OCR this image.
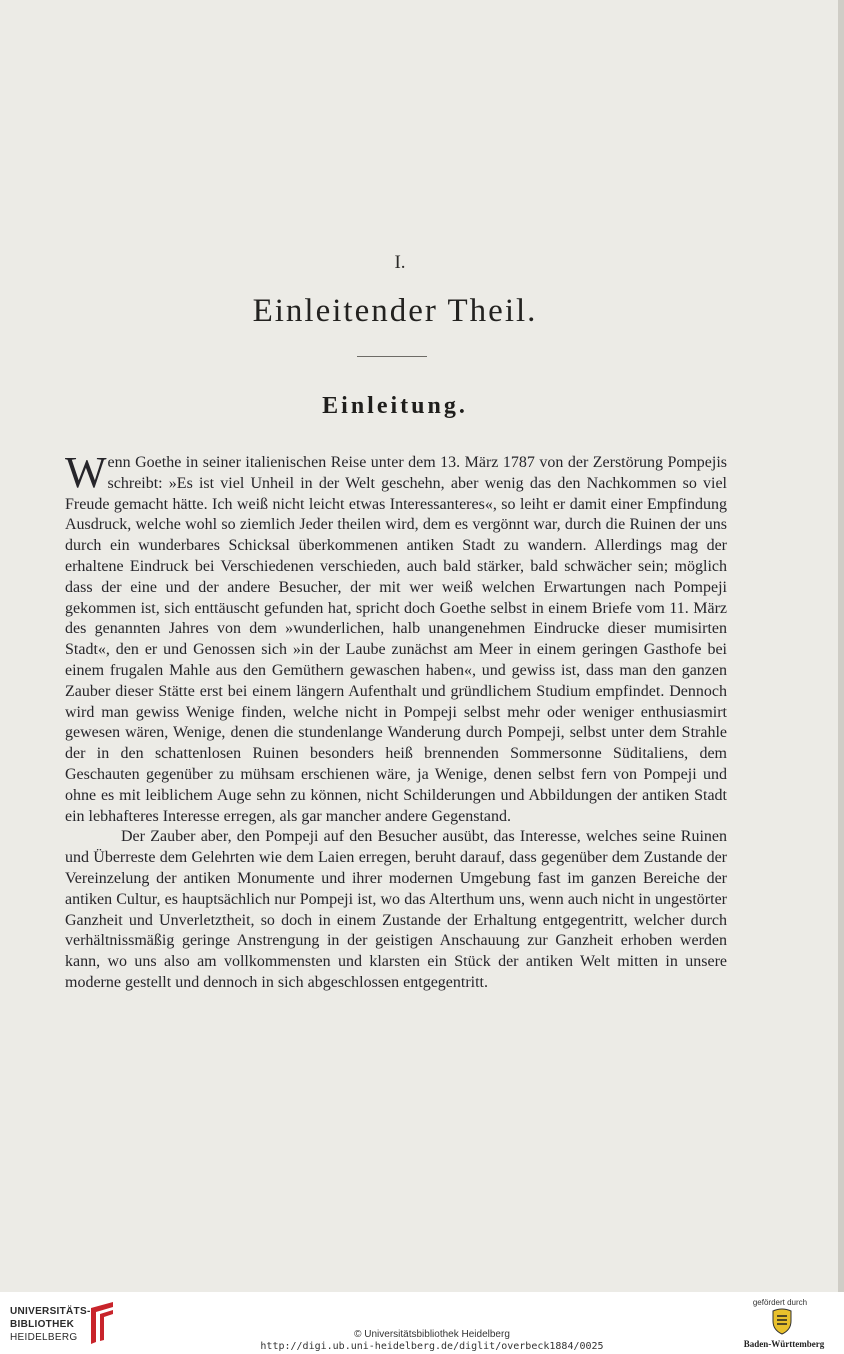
I.
Einleitender Theil.
Einleitung.

Wenn Goethe in seiner italienischen Reise unter dem 13. März 1787 von der Zerstörung Pompejis schreibt: »Es ist viel Unheil in der Welt geschehn, aber wenig das den Nachkommen so viel Freude gemacht hätte. Ich weiß nicht leicht etwas Interessanteres«, so leiht er damit einer Empfindung Ausdruck, welche wohl so ziemlich Jeder theilen wird, dem es vergönnt war, durch die Ruinen der uns durch ein wunderbares Schicksal überkommenen antiken Stadt zu wandern. Allerdings mag der erhaltene Eindruck bei Verschiedenen verschieden, auch bald stärker, bald schwächer sein; möglich dass der eine und der andere Besucher, der mit wer weiß welchen Erwartungen nach Pompeji gekommen ist, sich enttäuscht gefunden hat, spricht doch Goethe selbst in einem Briefe vom 11. März des genannten Jahres von dem »wunderlichen, halb unangenehmen Eindrucke dieser mumisirten Stadt«, den er und Genossen sich »in der Laube zunächst am Meer in einem geringen Gasthofe bei einem frugalen Mahle aus den Gemüthern gewaschen haben«, und gewiss ist, dass man den ganzen Zauber dieser Stätte erst bei einem längern Aufenthalt und gründlichem Studium empfindet. Dennoch wird man gewiss Wenige finden, welche nicht in Pompeji selbst mehr oder weniger enthusiasmirt gewesen wären, Wenige, denen die stundenlange Wanderung durch Pompeji, selbst unter dem Strahle der in den schattenlosen Ruinen besonders heiß brennenden Sommersonne Süditaliens, dem Geschauten gegenüber zu mühsam erschienen wäre, ja Wenige, denen selbst fern von Pompeji und ohne es mit leiblichem Auge sehn zu können, nicht Schilderungen und Abbildungen der antiken Stadt ein lebhafteres Interesse erregen, als gar mancher andere Gegenstand.

Der Zauber aber, den Pompeji auf den Besucher ausübt, das Interesse, welches seine Ruinen und Überreste dem Gelehrten wie dem Laien erregen, beruht darauf, dass gegenüber dem Zustande der Vereinzelung der antiken Monumente und ihrer modernen Umgebung fast im ganzen Bereiche der antiken Cultur, es hauptsächlich nur Pompeji ist, wo das Alterthum uns, wenn auch nicht in ungestörter Ganzheit und Unverletztheit, so doch in einem Zustande der Erhaltung entgegentritt, welcher durch verhältnissmäßig geringe Anstrengung in der geistigen Anschauung zur Ganzheit erhoben werden kann, wo uns also am vollkommensten und klarsten ein Stück der antiken Welt mitten in unsere moderne gestellt und dennoch in sich abgeschlossen entgegentritt.

UNIVERSITÄTS-
BIBLIOTHEK
HEIDELBERG	© Universitätsbibliothek Heidelberg
http://digi.ub.uni-heidelberg.de/diglit/overbeck1884/0025
gefördert durch
Baden-Württemberg
